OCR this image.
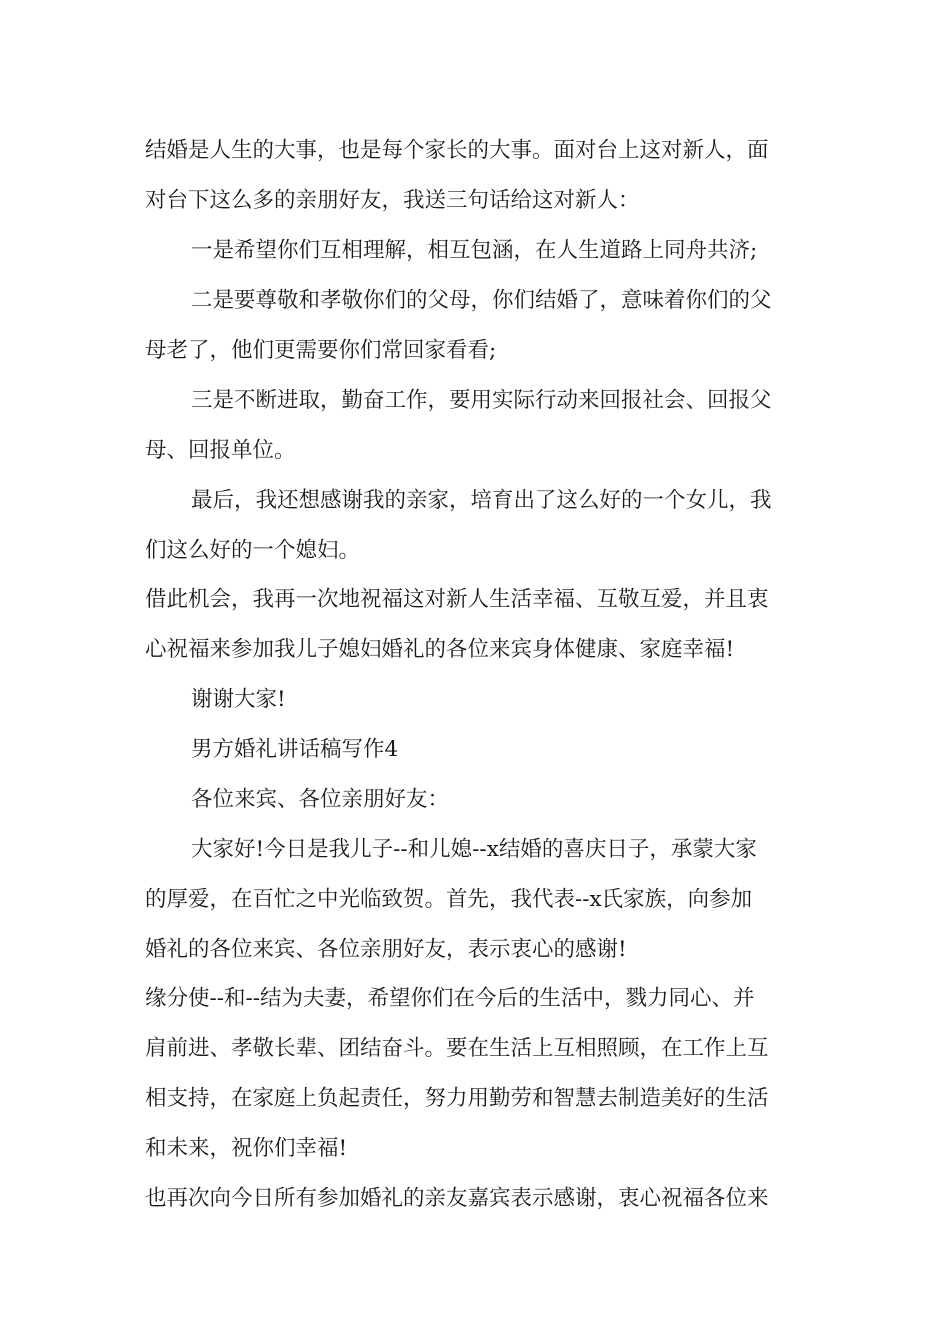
结婚是人生的大事，也是每个家长的大事。面对台上这对新人，面
对台下这么多的亲朋好友，我送三句话给这对新人：
一是希望你们互相理解，相互包涵，在人生道路上同舟共济;
二是要尊敬和孝敬你们的父母，你们结婚了，意味着你们的父
母老了，他们更需要你们常回家看看;
三是不断进取，勤奋工作，要用实际行动来回报社会、回报父
母、回报单位。
最后，我还想感谢我的亲家，培育出了这么好的一个女儿，我
们这么好的一个媳妇。
借此机会，我再一次地祝福这对新人生活幸福、互敬互爱，并且衷
心祝福来参加我儿子媳妇婚礼的各位来宾身体健康、家庭幸福!
谢谢大家!
男方婚礼讲话稿写作4
各位来宾、各位亲朋好友：
大家好!今日是我儿子--和儿媳--x结婚的喜庆日子，承蒙大家
的厚爱，在百忙之中光临致贺。首先，我代表--x氏家族，向参加
婚礼的各位来宾、各位亲朋好友，表示衷心的感谢!
缘分使--和--结为夫妻，希望你们在今后的生活中，戮力同心、并
肩前进、孝敬长辈、团结奋斗。要在生活上互相照顾，在工作上互
相支持，在家庭上负起责任，努力用勤劳和智慧去制造美好的生活
和未来，祝你们幸福!
也再次向今日所有参加婚礼的亲友嘉宾表示感谢，衷心祝福各位来
